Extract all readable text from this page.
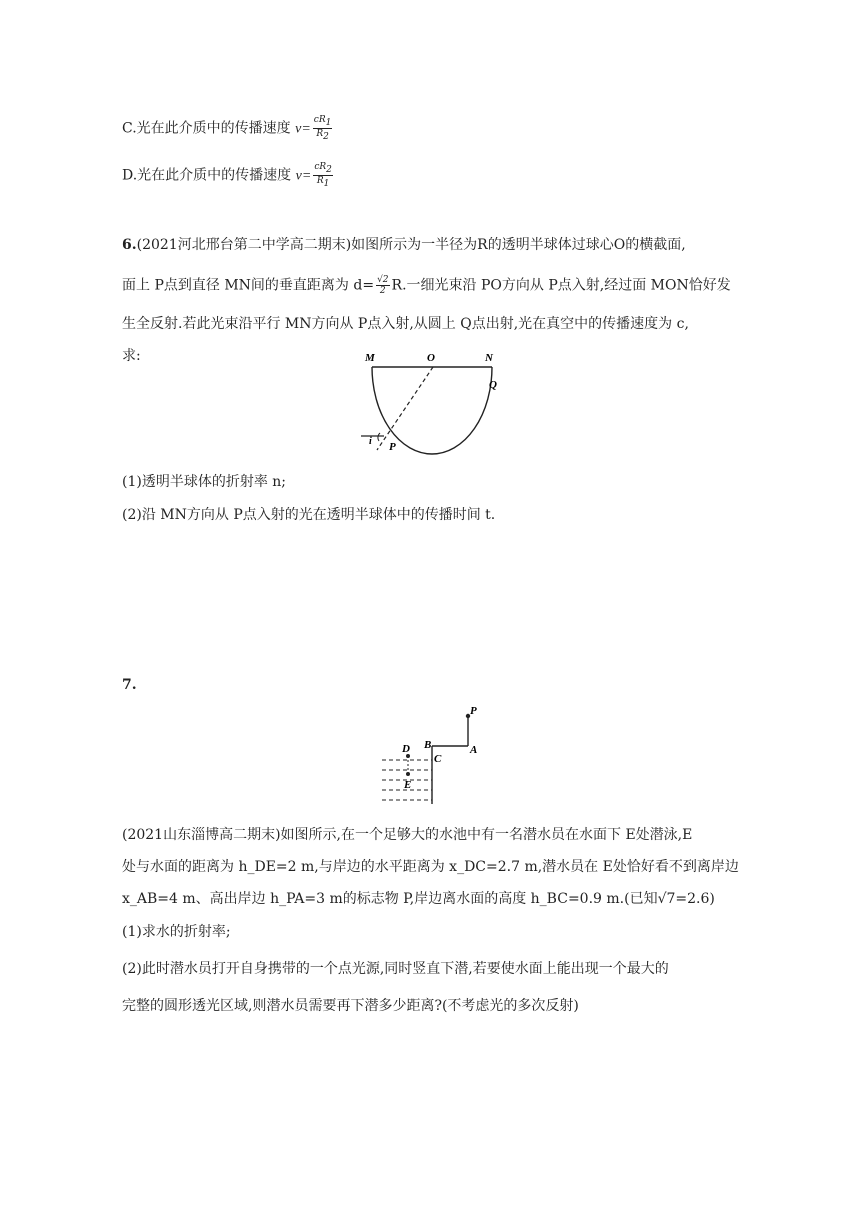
C.光在此介质中的传播速度 $v= \frac{cR_1}{R_2}$
D.光在此介质中的传播速度 $v= \frac{cR_2}{R_1}$
6.(2021河北邢台第二中学高二期末)如图所示为一半径为R的透明半球体过球心O的横截面,
面上 P点到直径 MN间的垂直距离为 $d= \frac{√2}{2} R$.一细光束沿 PO方向从 P点入射,经过面 MON恰好发
生全反射.若此光束沿平行 MN方向从 P点入射,从圆上 Q点出射,光在真空中的传播速度为 c,
求:	M	O	N
Q
P
i
(1)透明半球体的折射率 n;
(2)沿 MN方向从 P点入射的光在透明半球体中的传播时间 t.
7.
D B
C
P
A
E
(2021山东淄博高二期末)如图所示,在一个足够大的水池中有一名潜水员在水面下 E处潜泳,E
处与水面的距离为 h_DE=2 m,与岸边的水平距离为 x_DC=2.7 m,潜水员在 E处恰好看不到离岸边
x_AB=4 m、高出岸边 h_PA=3 m的标志物 P,岸边离水面的高度 h_BC=0.9 m.(已知√7=2.6)
(1)求水的折射率;
(2)此时潜水员打开自身携带的一个点光源,同时竖直下潜,若要使水面上能出现一个最大的
完整的圆形透光区域,则潜水员需要再下潜多少距离?(不考虑光的多次反射)
